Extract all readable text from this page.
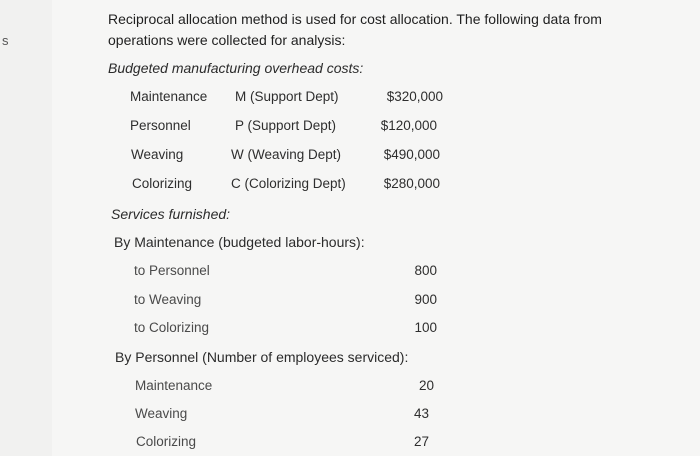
s
Reciprocal allocation method is used for cost allocation. The following data from operations were collected for analysis:
Budgeted manufacturing overhead costs:
Maintenance M (Support Dept)	$320,000
Personnel	P (Support Dept)	$120,000
Weaving	W (Weaving Dept)	$490,000
Colorizing	C (Colorizing Dept)	$280,000
Services furnished:
By Maintenance (budgeted labor-hours):
to Personnel	800
to Weaving	900
to Colorizing	100
By Personnel (Number of employees serviced):
Maintenance	20
Weaving	43
Colorizing	27
